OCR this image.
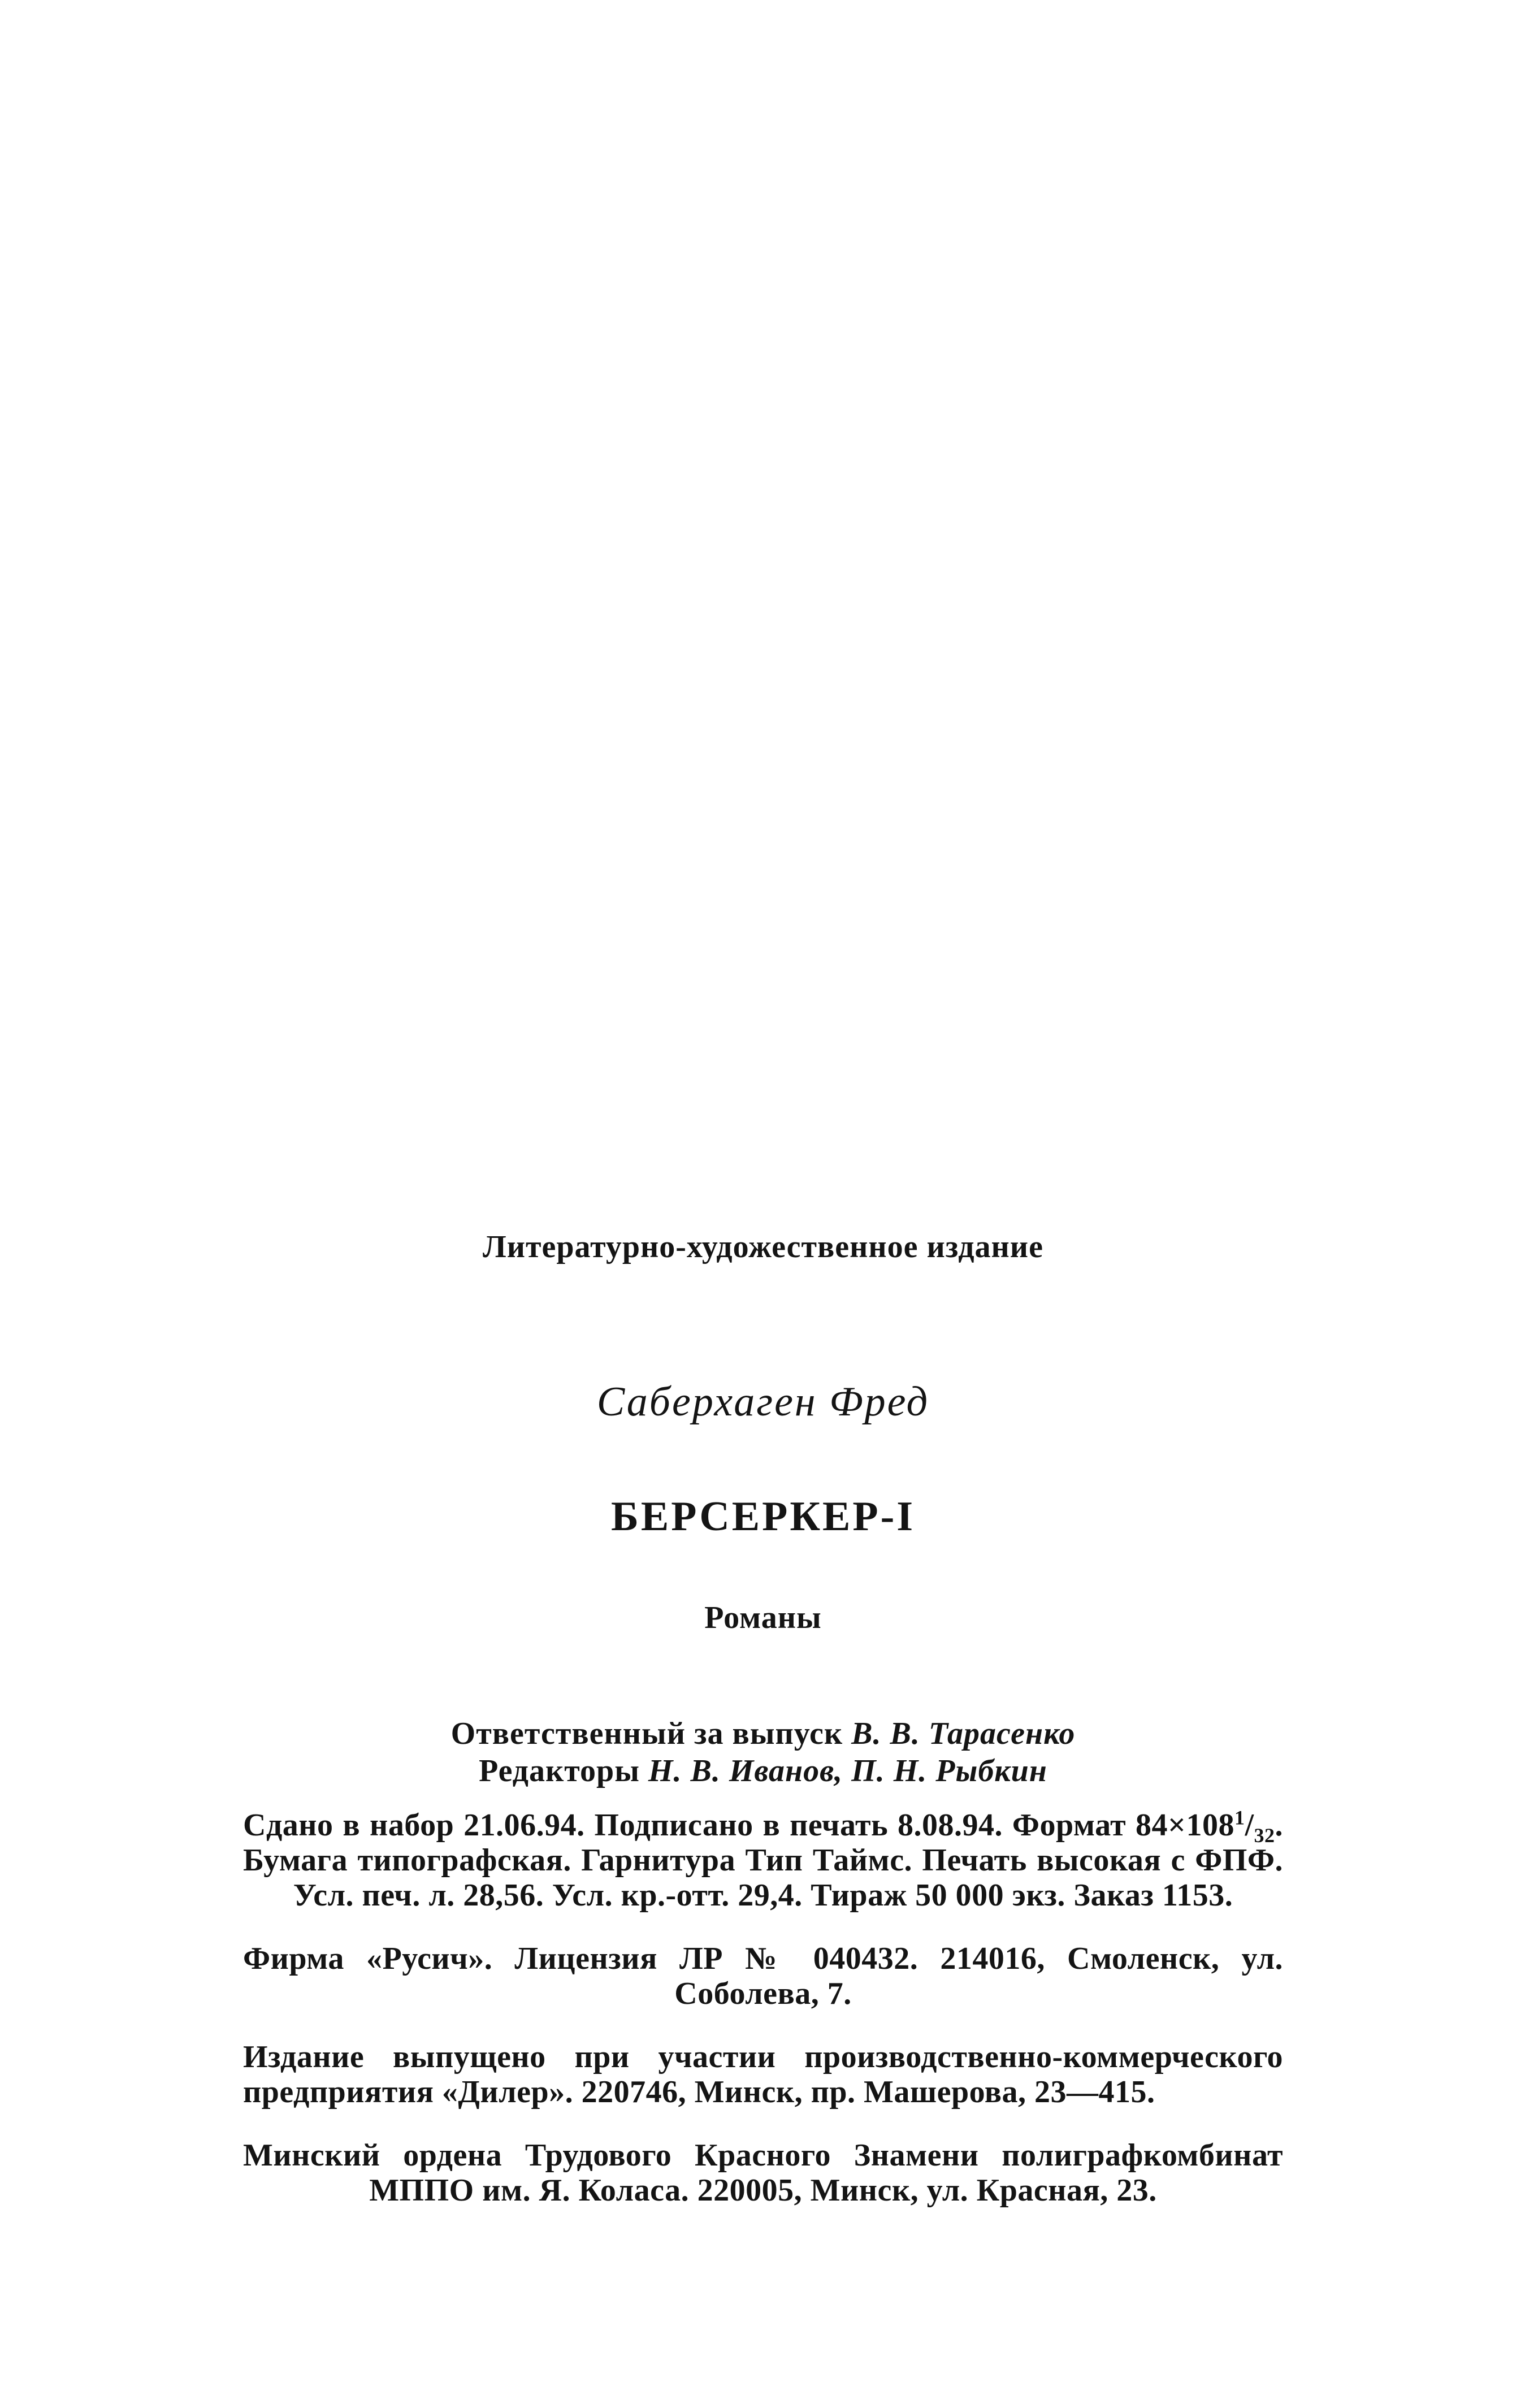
Литературно-художественное издание

Саберхаген Фред

БЕРСЕРКЕР-I

Романы

Ответственный за выпуск В. В. Тарасенко

Редакторы Н. В. Иванов, П. Н. Рыбкин

Сдано в набор 21.06.94. Подписано в печать 8.08.94. Формат $84\times 108^1/_{32}$. Бумага типографская. Гарнитура Тип Таймс. Печать высокая с ФПФ. Усл. печ. л. 28,56. Усл. кр.-отт. 29,4. Тираж 50 000 экз. Заказ 1153.

Фирма «Русич». Лицензия ЛР № 040432. 214016, Смоленск, ул. Соболева, 7.

Издание выпущено при участии производственно-коммерческого предприятия «Дилер». 220746, Минск, пр. Машерова, 23—415.

Минский ордена Трудового Красного Знамени полиграфкомбинат МППО им. Я. Коласа. 220005, Минск, ул. Красная, 23.
